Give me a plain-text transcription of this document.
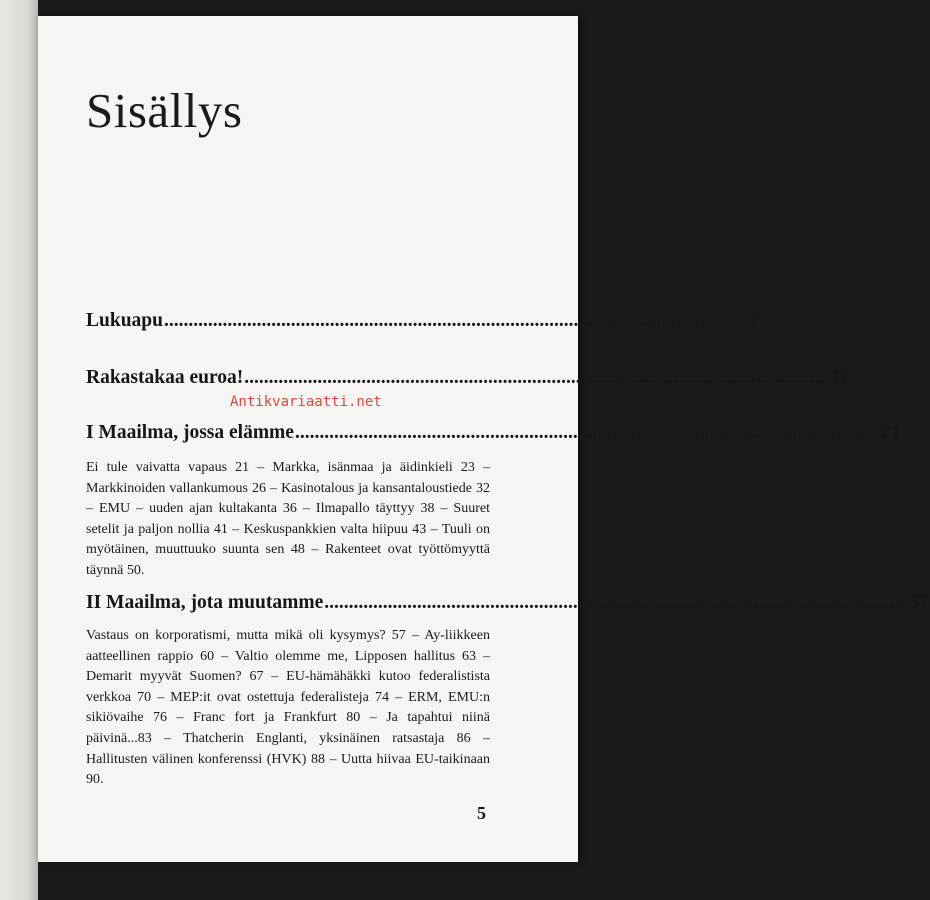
Sisällys
Lukuapu ........................................................................................................................ 7
Rakastakaa euroa! ........................................................................................................................ 11
Antikvariaatti.net
I Maailma, jossa elämme ........................................................................................................................ 21
Ei tule vaivatta vapaus 21 – Markka, isänmaa ja äidinkieli 23 – Markkinoiden vallankumous 26 – Kasinotalous ja kansantaloustiede 32 – EMU – uuden ajan kultakanta 36 – Ilmapallo täyttyy 38 – Suuret setelit ja paljon nollia 41 – Keskuspankkien valta hiipuu 43 – Tuuli on myötäinen, muuttuuko suunta sen 48 – Rakenteet ovat työttömyyttä täynnä 50.
II Maailma, jota muutamme ........................................................................................................................ 57
Vastaus on korporatismi, mutta mikä oli kysymys? 57 – Ay-liikkeen aatteellinen rappio 60 – Valtio olemme me, Lipposen hallitus 63 – Demarit myyvät Suomen? 67 – EU-hämähäkki kutoo federalistista verkkoa 70 – MEP:it ovat ostettuja federalisteja 74 – ERM, EMU:n sikiövaihe 76 – Franc fort ja Frankfurt 80 – Ja tapahtui niinä päivinä...83 – Thatcherin Englanti, yksinäinen ratsastaja 86 – Hallitusten välinen konferenssi (HVK) 88 – Uutta hiivaa EU-taikinaan 90.
5
